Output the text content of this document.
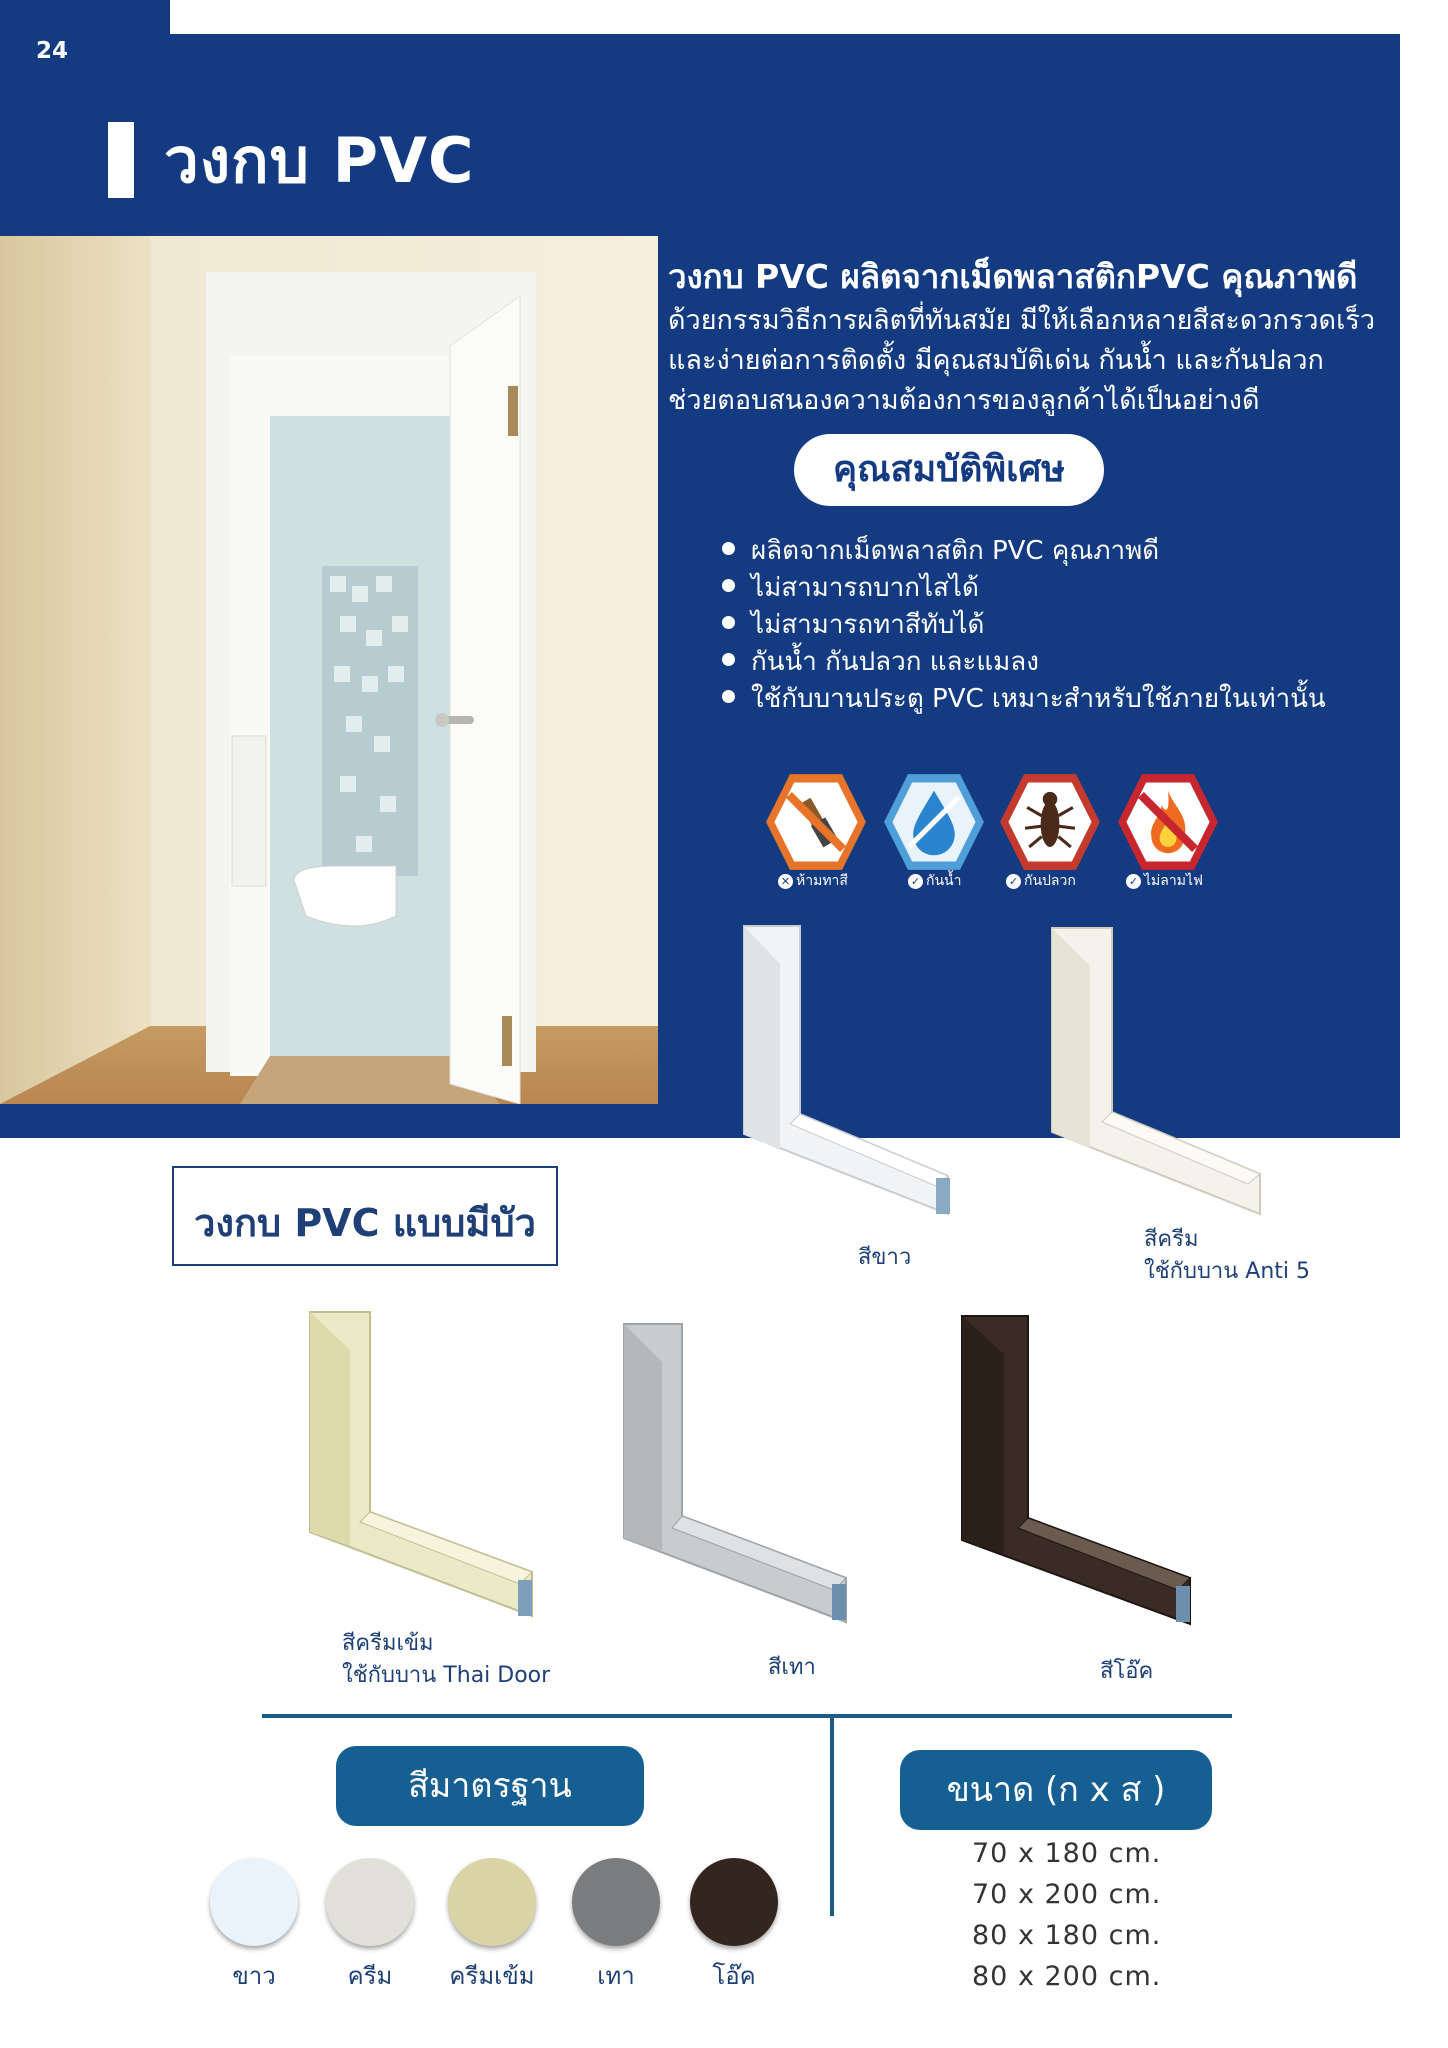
24
วงกบ PVC
วงกบ PVC ผลิตจากเม็ดพลาสติกPVC คุณภาพดี
ด้วยกรรมวิธีการผลิตที่ทันสมัย มีให้เลือกหลายสีสะดวกรวดเร็ว
และง่ายต่อการติดตั้ง มีคุณสมบัติเด่น กันน้ำ และกันปลวก
ช่วยตอบสนองความต้องการของลูกค้าได้เป็นอย่างดี
คุณสมบัติพิเศษ
ผลิตจากเม็ดพลาสติก PVC คุณภาพดี
ไม่สามารถบากไสได้
ไม่สามารถทาสีทับได้
กันน้ำ กันปลวก และแมลง
ใช้กับบานประตู PVC เหมาะสำหรับใช้ภายในเท่านั้น
✕ ห้ามทาสี	✓ กันน้ำ	✓ กันปลวก	✓ ไม่ลามไฟ
สีขาว
สีครีม
ใช้กับบาน Anti 5
สีครีมเข้ม
ใช้กับบาน Thai Door	สีเทา	สีโอ๊ค
วงกบ PVC แบบมีบัว
สีมาตรฐาน
ขาว	ครีม	ครีมเข้ม	เทา	โอ๊ค
ขนาด (ก x ส )
70 x 180 cm.
70 x 200 cm.
80 x 180 cm.
80 x 200 cm.
